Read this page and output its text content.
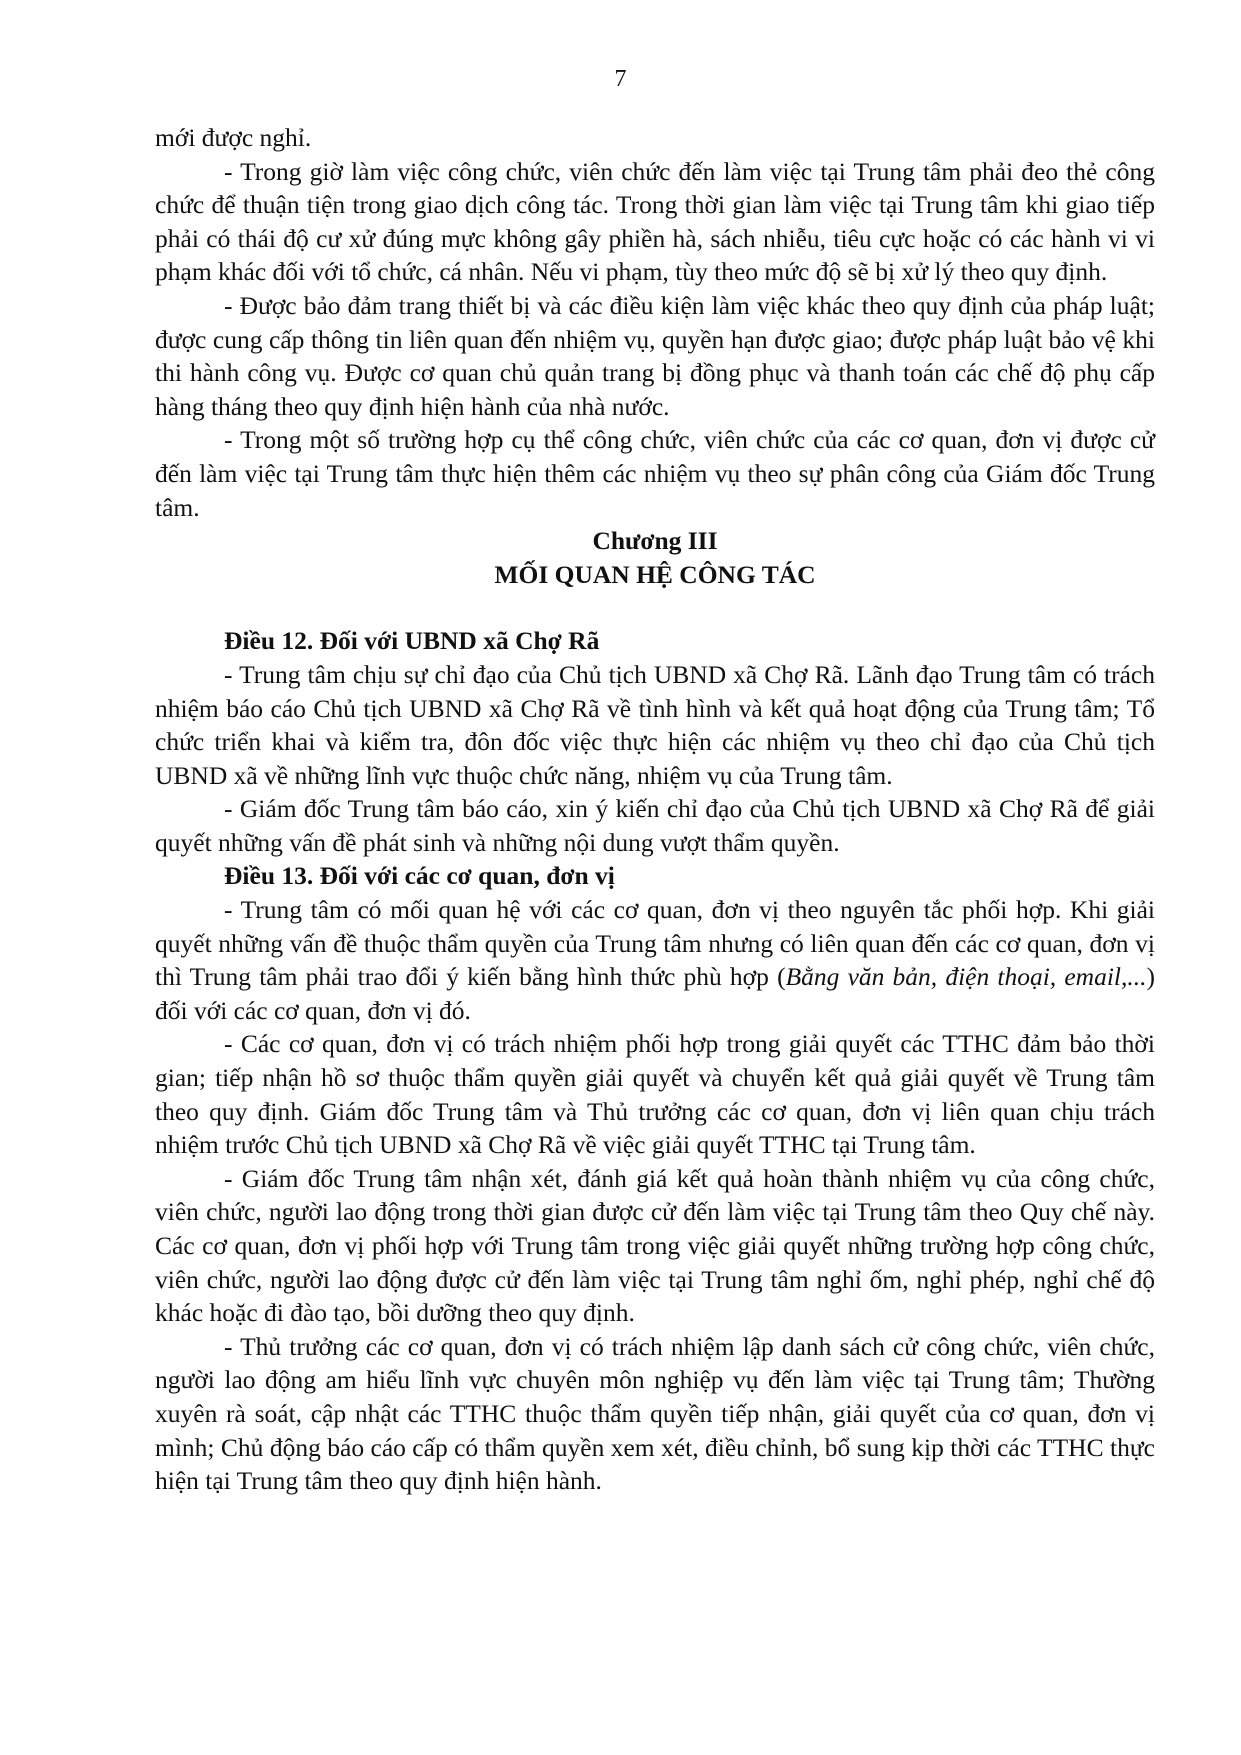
7

mới được nghỉ.

- Trong giờ làm việc công chức, viên chức đến làm việc tại Trung tâm phải đeo thẻ công chức để thuận tiện trong giao dịch công tác. Trong thời gian làm việc tại Trung tâm khi giao tiếp phải có thái độ cư xử đúng mực không gây phiền hà, sách nhiễu, tiêu cực hoặc có các hành vi vi phạm khác đối với tổ chức, cá nhân. Nếu vi phạm, tùy theo mức độ sẽ bị xử lý theo quy định.

- Được bảo đảm trang thiết bị và các điều kiện làm việc khác theo quy định của pháp luật; được cung cấp thông tin liên quan đến nhiệm vụ, quyền hạn được giao; được pháp luật bảo vệ khi thi hành công vụ. Được cơ quan chủ quản trang bị đồng phục và thanh toán các chế độ phụ cấp hàng tháng theo quy định hiện hành của nhà nước.

- Trong một số trường hợp cụ thể công chức, viên chức của các cơ quan, đơn vị được cử đến làm việc tại Trung tâm thực hiện thêm các nhiệm vụ theo sự phân công của Giám đốc Trung tâm.

Chương III

MỐI QUAN HỆ CÔNG TÁC

Điều 12. Đối với UBND xã Chợ Rã

- Trung tâm chịu sự chỉ đạo của Chủ tịch UBND xã Chợ Rã. Lãnh đạo Trung tâm có trách nhiệm báo cáo Chủ tịch UBND xã Chợ Rã về tình hình và kết quả hoạt động của Trung tâm; Tổ chức triển khai và kiểm tra, đôn đốc việc thực hiện các nhiệm vụ theo chỉ đạo của Chủ tịch UBND xã về những lĩnh vực thuộc chức năng, nhiệm vụ của Trung tâm.

- Giám đốc Trung tâm báo cáo, xin ý kiến chỉ đạo của Chủ tịch UBND xã Chợ Rã để giải quyết những vấn đề phát sinh và những nội dung vượt thẩm quyền.

Điều 13. Đối với các cơ quan, đơn vị

- Trung tâm có mối quan hệ với các cơ quan, đơn vị theo nguyên tắc phối hợp. Khi giải quyết những vấn đề thuộc thẩm quyền của Trung tâm nhưng có liên quan đến các cơ quan, đơn vị thì Trung tâm phải trao đổi ý kiến bằng hình thức phù hợp (Bằng văn bản, điện thoại, email,...) đối với các cơ quan, đơn vị đó.

- Các cơ quan, đơn vị có trách nhiệm phối hợp trong giải quyết các TTHC đảm bảo thời gian; tiếp nhận hồ sơ thuộc thẩm quyền giải quyết và chuyển kết quả giải quyết về Trung tâm theo quy định. Giám đốc Trung tâm và Thủ trưởng các cơ quan, đơn vị liên quan chịu trách nhiệm trước Chủ tịch UBND xã Chợ Rã về việc giải quyết TTHC tại Trung tâm.

- Giám đốc Trung tâm nhận xét, đánh giá kết quả hoàn thành nhiệm vụ của công chức, viên chức, người lao động trong thời gian được cử đến làm việc tại Trung tâm theo Quy chế này. Các cơ quan, đơn vị phối hợp với Trung tâm trong việc giải quyết những trường hợp công chức, viên chức, người lao động được cử đến làm việc tại Trung tâm nghỉ ốm, nghỉ phép, nghỉ chế độ khác hoặc đi đào tạo, bồi dưỡng theo quy định.

- Thủ trưởng các cơ quan, đơn vị có trách nhiệm lập danh sách cử công chức, viên chức, người lao động am hiểu lĩnh vực chuyên môn nghiệp vụ đến làm việc tại Trung tâm; Thường xuyên rà soát, cập nhật các TTHC thuộc thẩm quyền tiếp nhận, giải quyết của cơ quan, đơn vị mình; Chủ động báo cáo cấp có thẩm quyền xem xét, điều chỉnh, bổ sung kịp thời các TTHC thực hiện tại Trung tâm theo quy định hiện hành.
